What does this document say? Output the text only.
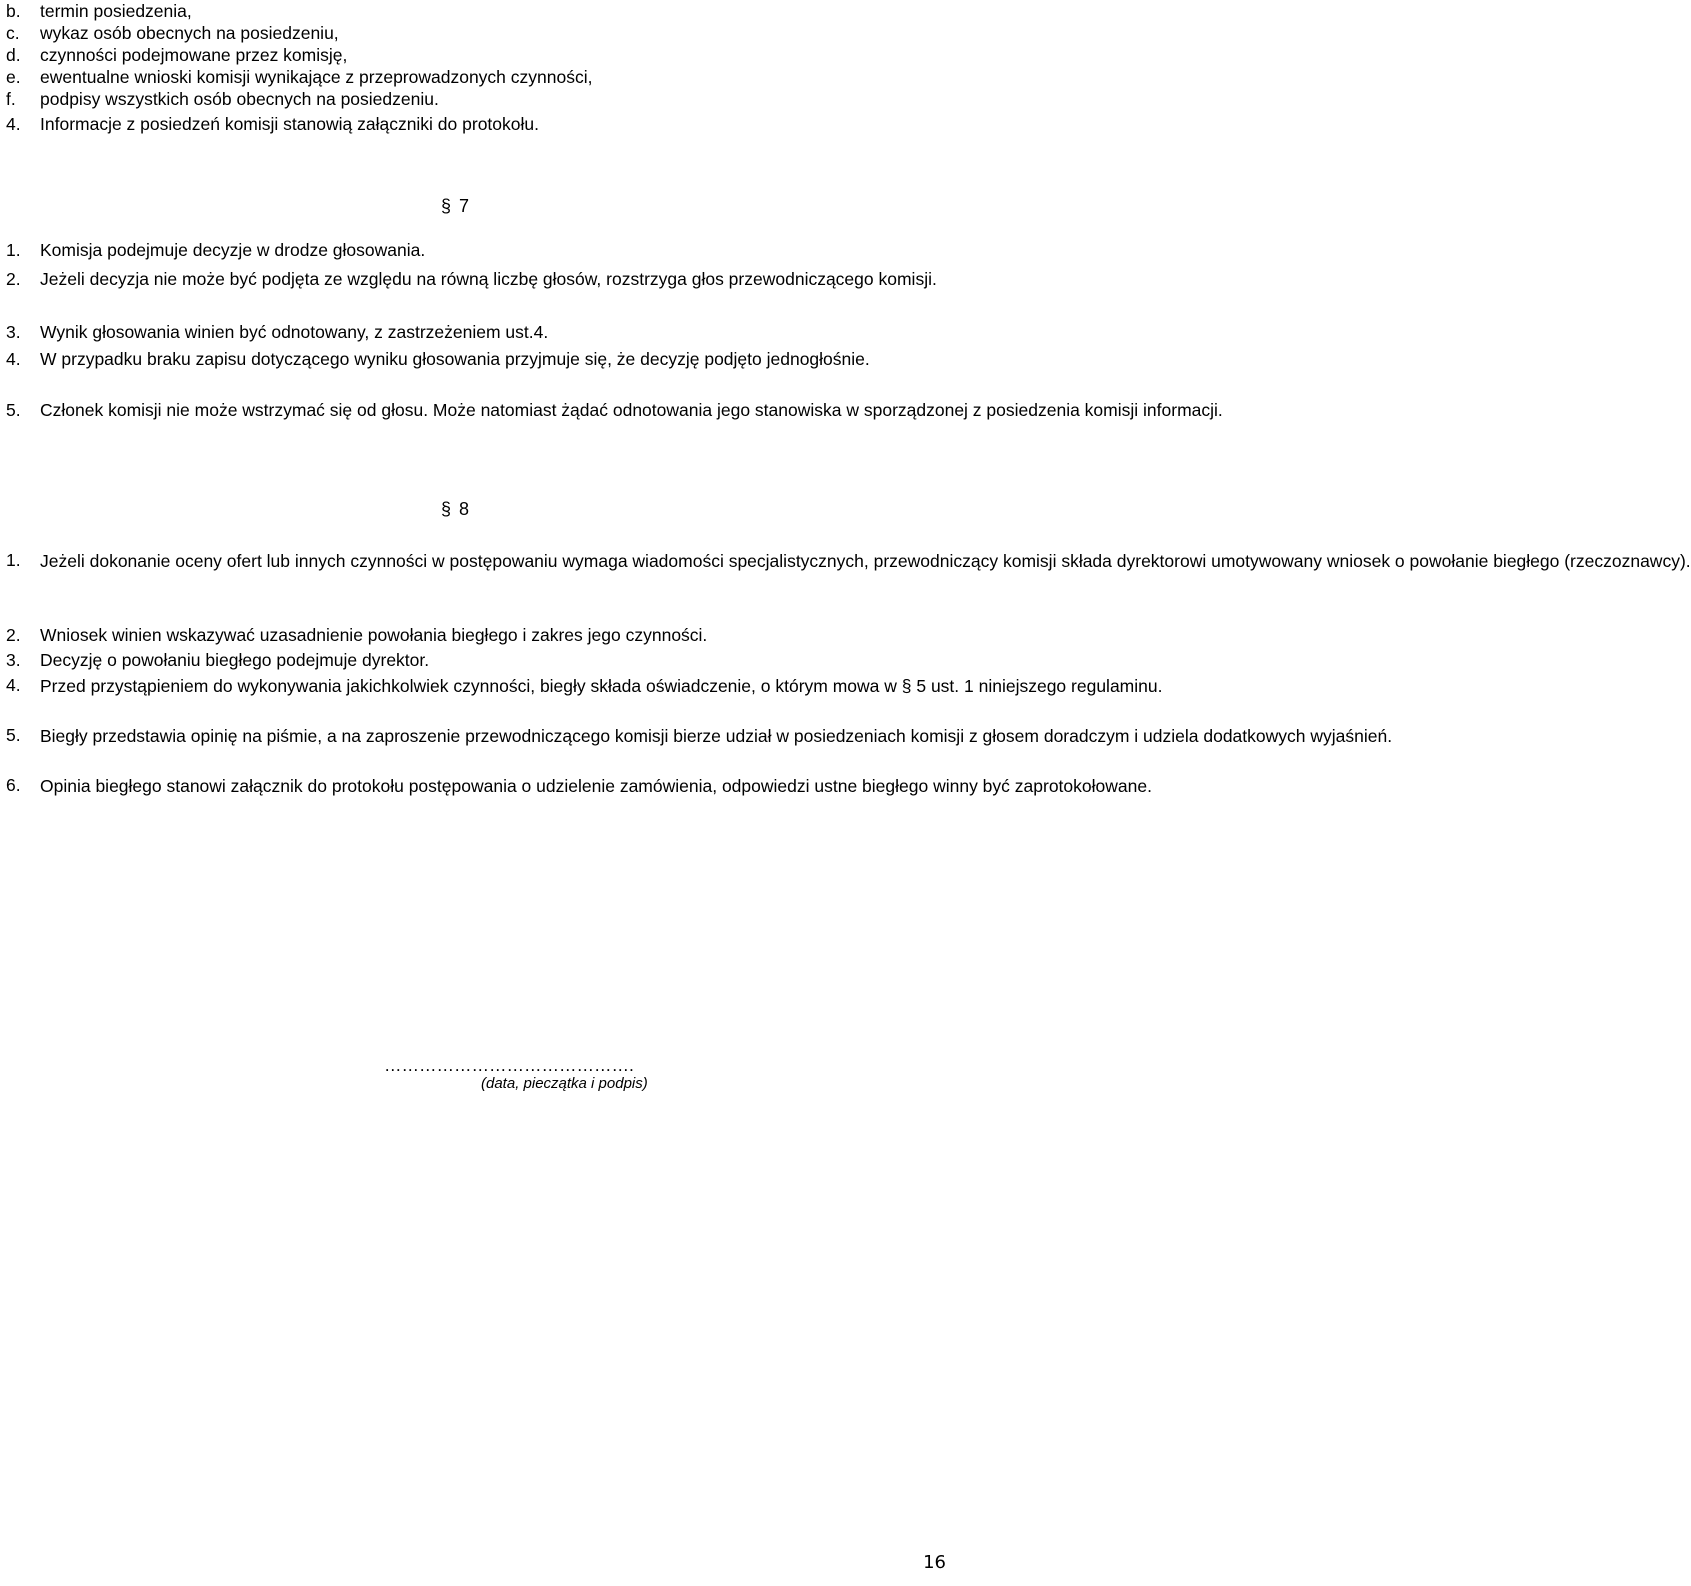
b. termin posiedzenia,
c. wykaz osób obecnych na posiedzeniu,
d. czynności podejmowane przez komisję,
e. ewentualne wnioski komisji wynikające z przeprowadzonych czynności,
f. podpisy wszystkich osób obecnych na posiedzeniu.
4. Informacje z posiedzeń komisji stanowią załączniki do protokołu.
§ 7
1. Komisja podejmuje decyzje w drodze głosowania.
2. Jeżeli decyzja nie może być podjęta ze względu na równą liczbę głosów, rozstrzyga głos przewodniczącego komisji.
3. Wynik głosowania winien być odnotowany, z zastrzeżeniem ust.4.
4. W przypadku braku zapisu dotyczącego wyniku głosowania przyjmuje się, że decyzję podjęto jednogłośnie.
5. Członek komisji nie może wstrzymać się od głosu. Może natomiast żądać odnotowania jego stanowiska w sporządzonej z posiedzenia komisji informacji.
§ 8
1. Jeżeli dokonanie oceny ofert lub innych czynności w postępowaniu wymaga wiadomości specjalistycznych, przewodniczący komisji składa dyrektorowi umotywowany wniosek o powołanie biegłego (rzeczoznawcy).
2. Wniosek winien wskazywać uzasadnienie powołania biegłego i zakres jego czynności.
3. Decyzję o powołaniu biegłego podejmuje dyrektor.
4. Przed przystąpieniem do wykonywania jakichkolwiek czynności, biegły składa oświadczenie, o którym mowa w § 5 ust. 1 niniejszego regulaminu.
5. Biegły przedstawia opinię na piśmie, a na zaproszenie przewodniczącego komisji bierze udział w posiedzeniach komisji z głosem doradczym i udziela dodatkowych wyjaśnień.
6. Opinia biegłego stanowi załącznik do protokołu postępowania o udzielenie zamówienia, odpowiedzi ustne biegłego winny być zaprotokołowane.
…………………………………….
(data, pieczątka i podpis)
16
